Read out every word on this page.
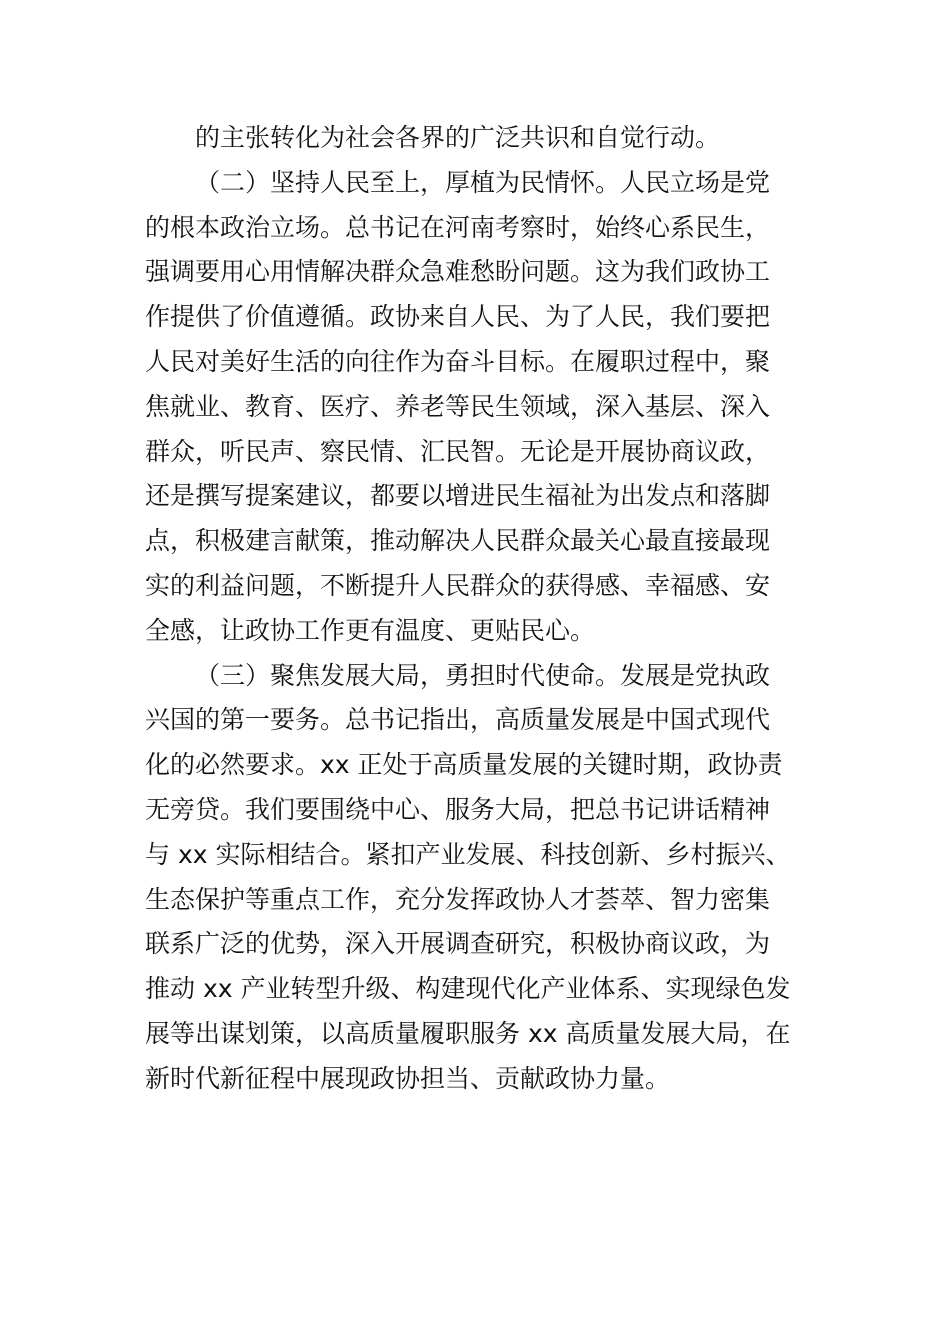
的主张转化为社会各界的广泛共识和自觉行动。
（二）坚持人民至上，厚植为民情怀。人民立场是党
的根本政治立场。总书记在河南考察时，始终心系民生，
强调要用心用情解决群众急难愁盼问题。这为我们政协工
作提供了价值遵循。政协来自人民、为了人民，我们要把
人民对美好生活的向往作为奋斗目标。在履职过程中，聚
焦就业、教育、医疗、养老等民生领域，深入基层、深入
群众，听民声、察民情、汇民智。无论是开展协商议政，
还是撰写提案建议，都要以增进民生福祉为出发点和落脚
点，积极建言献策，推动解决人民群众最关心最直接最现
实的利益问题，不断提升人民群众的获得感、幸福感、安
全感，让政协工作更有温度、更贴民心。
（三）聚焦发展大局，勇担时代使命。发展是党执政
兴国的第一要务。总书记指出，高质量发展是中国式现代
化的必然要求。xx 正处于高质量发展的关键时期，政协责
无旁贷。我们要围绕中心、服务大局，把总书记讲话精神
与 xx 实际相结合。紧扣产业发展、科技创新、乡村振兴、
生态保护等重点工作，充分发挥政协人才荟萃、智力密集
联系广泛的优势，深入开展调查研究，积极协商议政，为
推动 xx 产业转型升级、构建现代化产业体系、实现绿色发
展等出谋划策，以高质量履职服务 xx 高质量发展大局，在
新时代新征程中展现政协担当、贡献政协力量。
